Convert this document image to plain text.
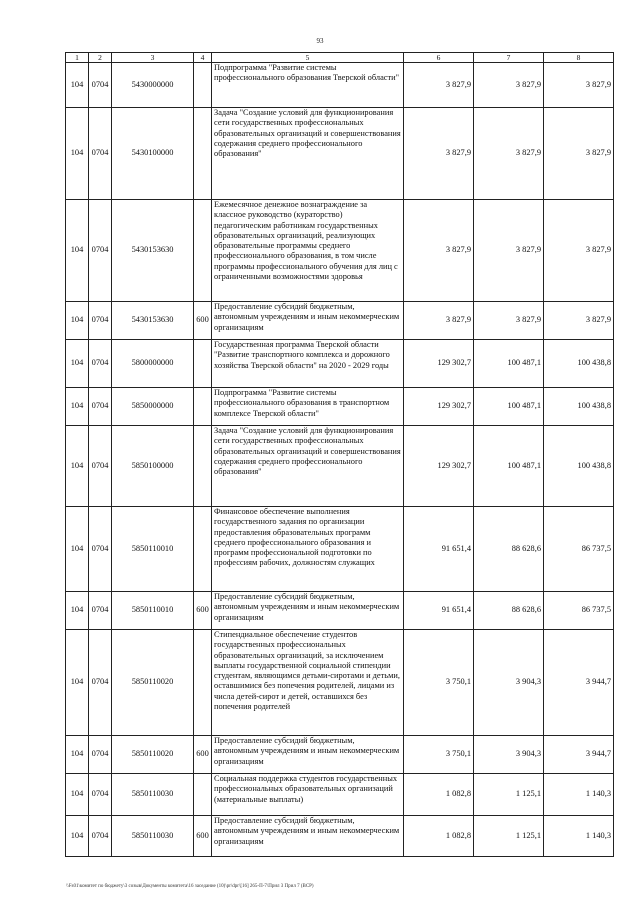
93
1	2	3	4	5	6	7	8
104	0704	5430000000		Подпрограмма "Развитие системы профессионального образования Тверской области"	3 827,9	3 827,9	3 827,9
104	0704	5430100000		Задача "Создание условий для функционирования сети государственных профессиональных образовательных организаций и совершенствования содержания среднего профессионального образования"	3 827,9	3 827,9	3 827,9
104	0704	5430153630		Ежемесячное денежное вознаграждение за классное руководство (кураторство) педагогическим работникам государственных образовательных организаций, реализующих образовательные программы среднего профессионального образования, в том числе программы профессионального обучения для лиц с ограниченными возможностями здоровья	3 827,9	3 827,9	3 827,9
104	0704	5430153630	600	Предоставление субсидий бюджетным, автономным учреждениям и иным некоммерческим организациям	3 827,9	3 827,9	3 827,9
104	0704	5800000000		Государственная программа Тверской области "Развитие транспортного комплекса и дорожного хозяйства Тверской области" на 2020 - 2029 годы	129 302,7	100 487,1	100 438,8
104	0704	5850000000		Подпрограмма "Развитие системы профессионального образования в транспортном комплексе Тверской области"	129 302,7	100 487,1	100 438,8
104	0704	5850100000		Задача "Создание условий для функционирования сети государственных профессиональных образовательных организаций и совершенствования содержания среднего профессионального образования"	129 302,7	100 487,1	100 438,8
104	0704	5850110010		Финансовое обеспечение выполнения государственного задания по организации предоставления образовательных программ среднего профессионального образования и программ профессиональной подготовки по профессиям рабочих, должностям служащих	91 651,4	88 628,6	86 737,5
104	0704	5850110010	600	Предоставление субсидий бюджетным, автономным учреждениям и иным некоммерческим организациям	91 651,4	88 628,6	86 737,5
104	0704	5850110020		Стипендиальное обеспечение студентов государственных профессиональных образовательных организаций, за исключением выплаты государственной социальной стипендии студентам, являющимся детьми-сиротами и детьми, оставшимися без попечения родителей, лицами из числа детей-сирот и детей, оставшихся без попечения родителей	3 750,1	3 904,3	3 944,7
104	0704	5850110020	600	Предоставление субсидий бюджетным, автономным учреждениям и иным некоммерческим организациям	3 750,1	3 904,3	3 944,7
104	0704	5850110030		Социальная поддержка студентов государственных профессиональных образовательных организаций (материальные выплаты)	1 082,8	1 125,1	1 140,3
104	0704	5850110030	600	Предоставление субсидий бюджетным, автономным учреждениям и иным некоммерческим организациям	1 082,8	1 125,1	1 140,3
\\Fs01\комитет по бюджету\3 созыв\Документы комитета\16 заседание (10)\pr\dpr\[16] 265-П-7\Прил 3 Прил 7 (ВСР)
